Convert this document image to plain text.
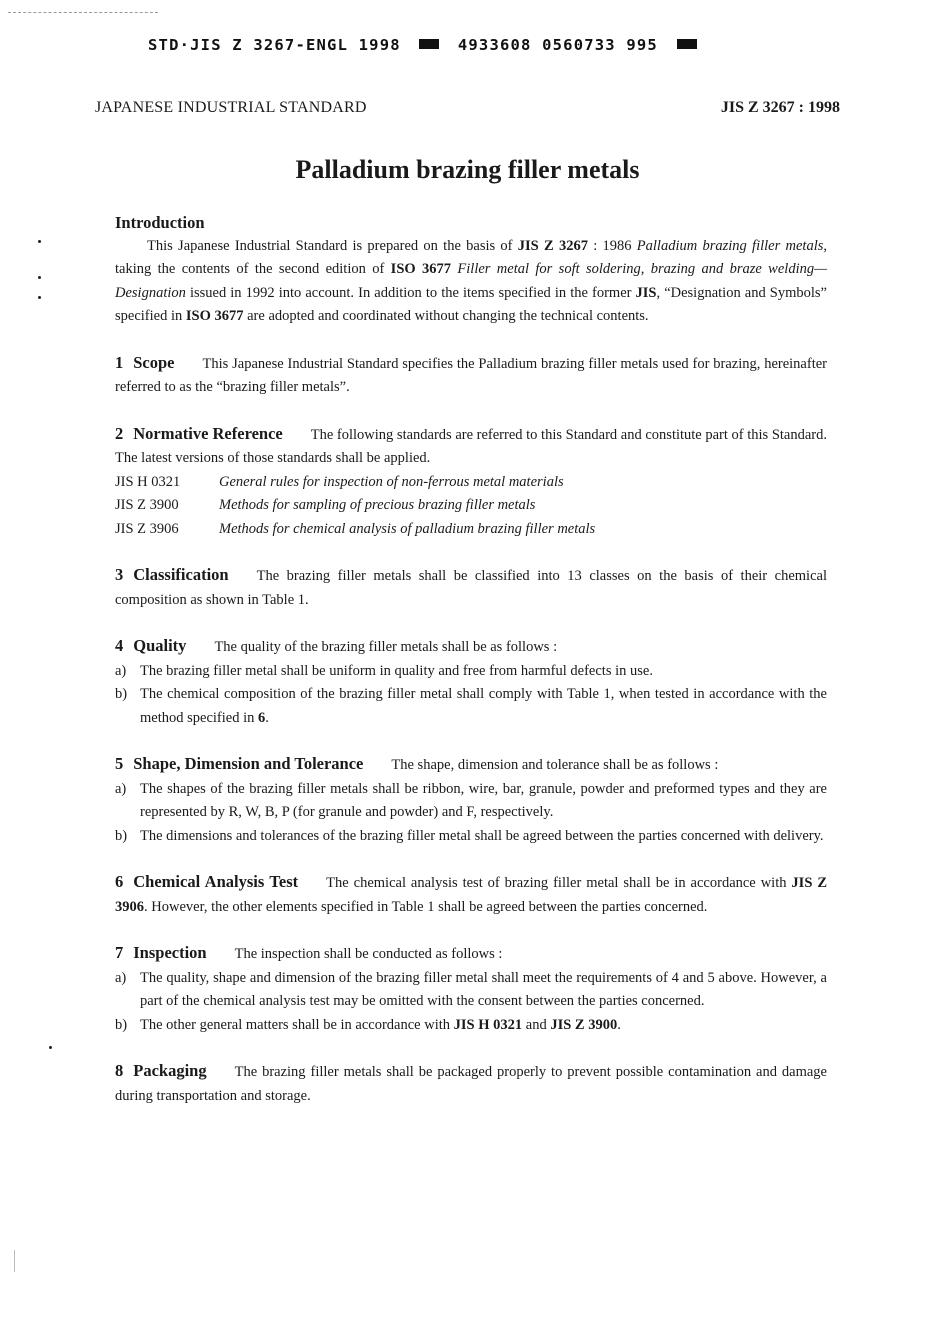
STD·JIS Z 3267-ENGL 1998	4933608 0560733 995
JAPANESE INDUSTRIAL STANDARD	JIS Z 3267 : 1998
Palladium brazing filler metals
Introduction

This Japanese Industrial Standard is prepared on the basis of JIS Z 3267 : 1986 Palladium brazing filler metals, taking the contents of the second edition of ISO 3677 Filler metal for soft soldering, brazing and braze welding—Designation issued in 1992 into account. In addition to the items specified in the former JIS, “Designation and Symbols” specified in ISO 3677 are adopted and coordinated without changing the technical contents.

1 Scope This Japanese Industrial Standard specifies the Palladium brazing filler metals used for brazing, hereinafter referred to as the “brazing filler metals”.

2 Normative Reference The following standards are referred to this Standard and constitute part of this Standard. The latest versions of those standards shall be applied.

JIS H 0321	General rules for inspection of non-ferrous metal materials
JIS Z 3900	Methods for sampling of precious brazing filler metals
JIS Z 3906	Methods for chemical analysis of palladium brazing filler metals

3 Classification The brazing filler metals shall be classified into 13 classes on the basis of their chemical composition as shown in Table 1.

4 Quality The quality of the brazing filler metals shall be as follows :

a) The brazing filler metal shall be uniform in quality and free from harmful defects in use.
b) The chemical composition of the brazing filler metal shall comply with Table 1, when tested in accordance with the method specified in 6.

5 Shape, Dimension and Tolerance The shape, dimension and tolerance shall be as follows :

a) The shapes of the brazing filler metals shall be ribbon, wire, bar, granule, powder and preformed types and they are represented by R, W, B, P (for granule and powder) and F, respectively.
b) The dimensions and tolerances of the brazing filler metal shall be agreed between the parties concerned with delivery.

6 Chemical Analysis Test The chemical analysis test of brazing filler metal shall be in accordance with JIS Z 3906. However, the other elements specified in Table 1 shall be agreed between the parties concerned.

7 Inspection The inspection shall be conducted as follows :

a) The quality, shape and dimension of the brazing filler metal shall meet the requirements of 4 and 5 above. However, a part of the chemical analysis test may be omitted with the consent between the parties concerned.
b) The other general matters shall be in accordance with JIS H 0321 and JIS Z 3900.

8 Packaging The brazing filler metals shall be packaged properly to prevent possible contamination and damage during transportation and storage.
